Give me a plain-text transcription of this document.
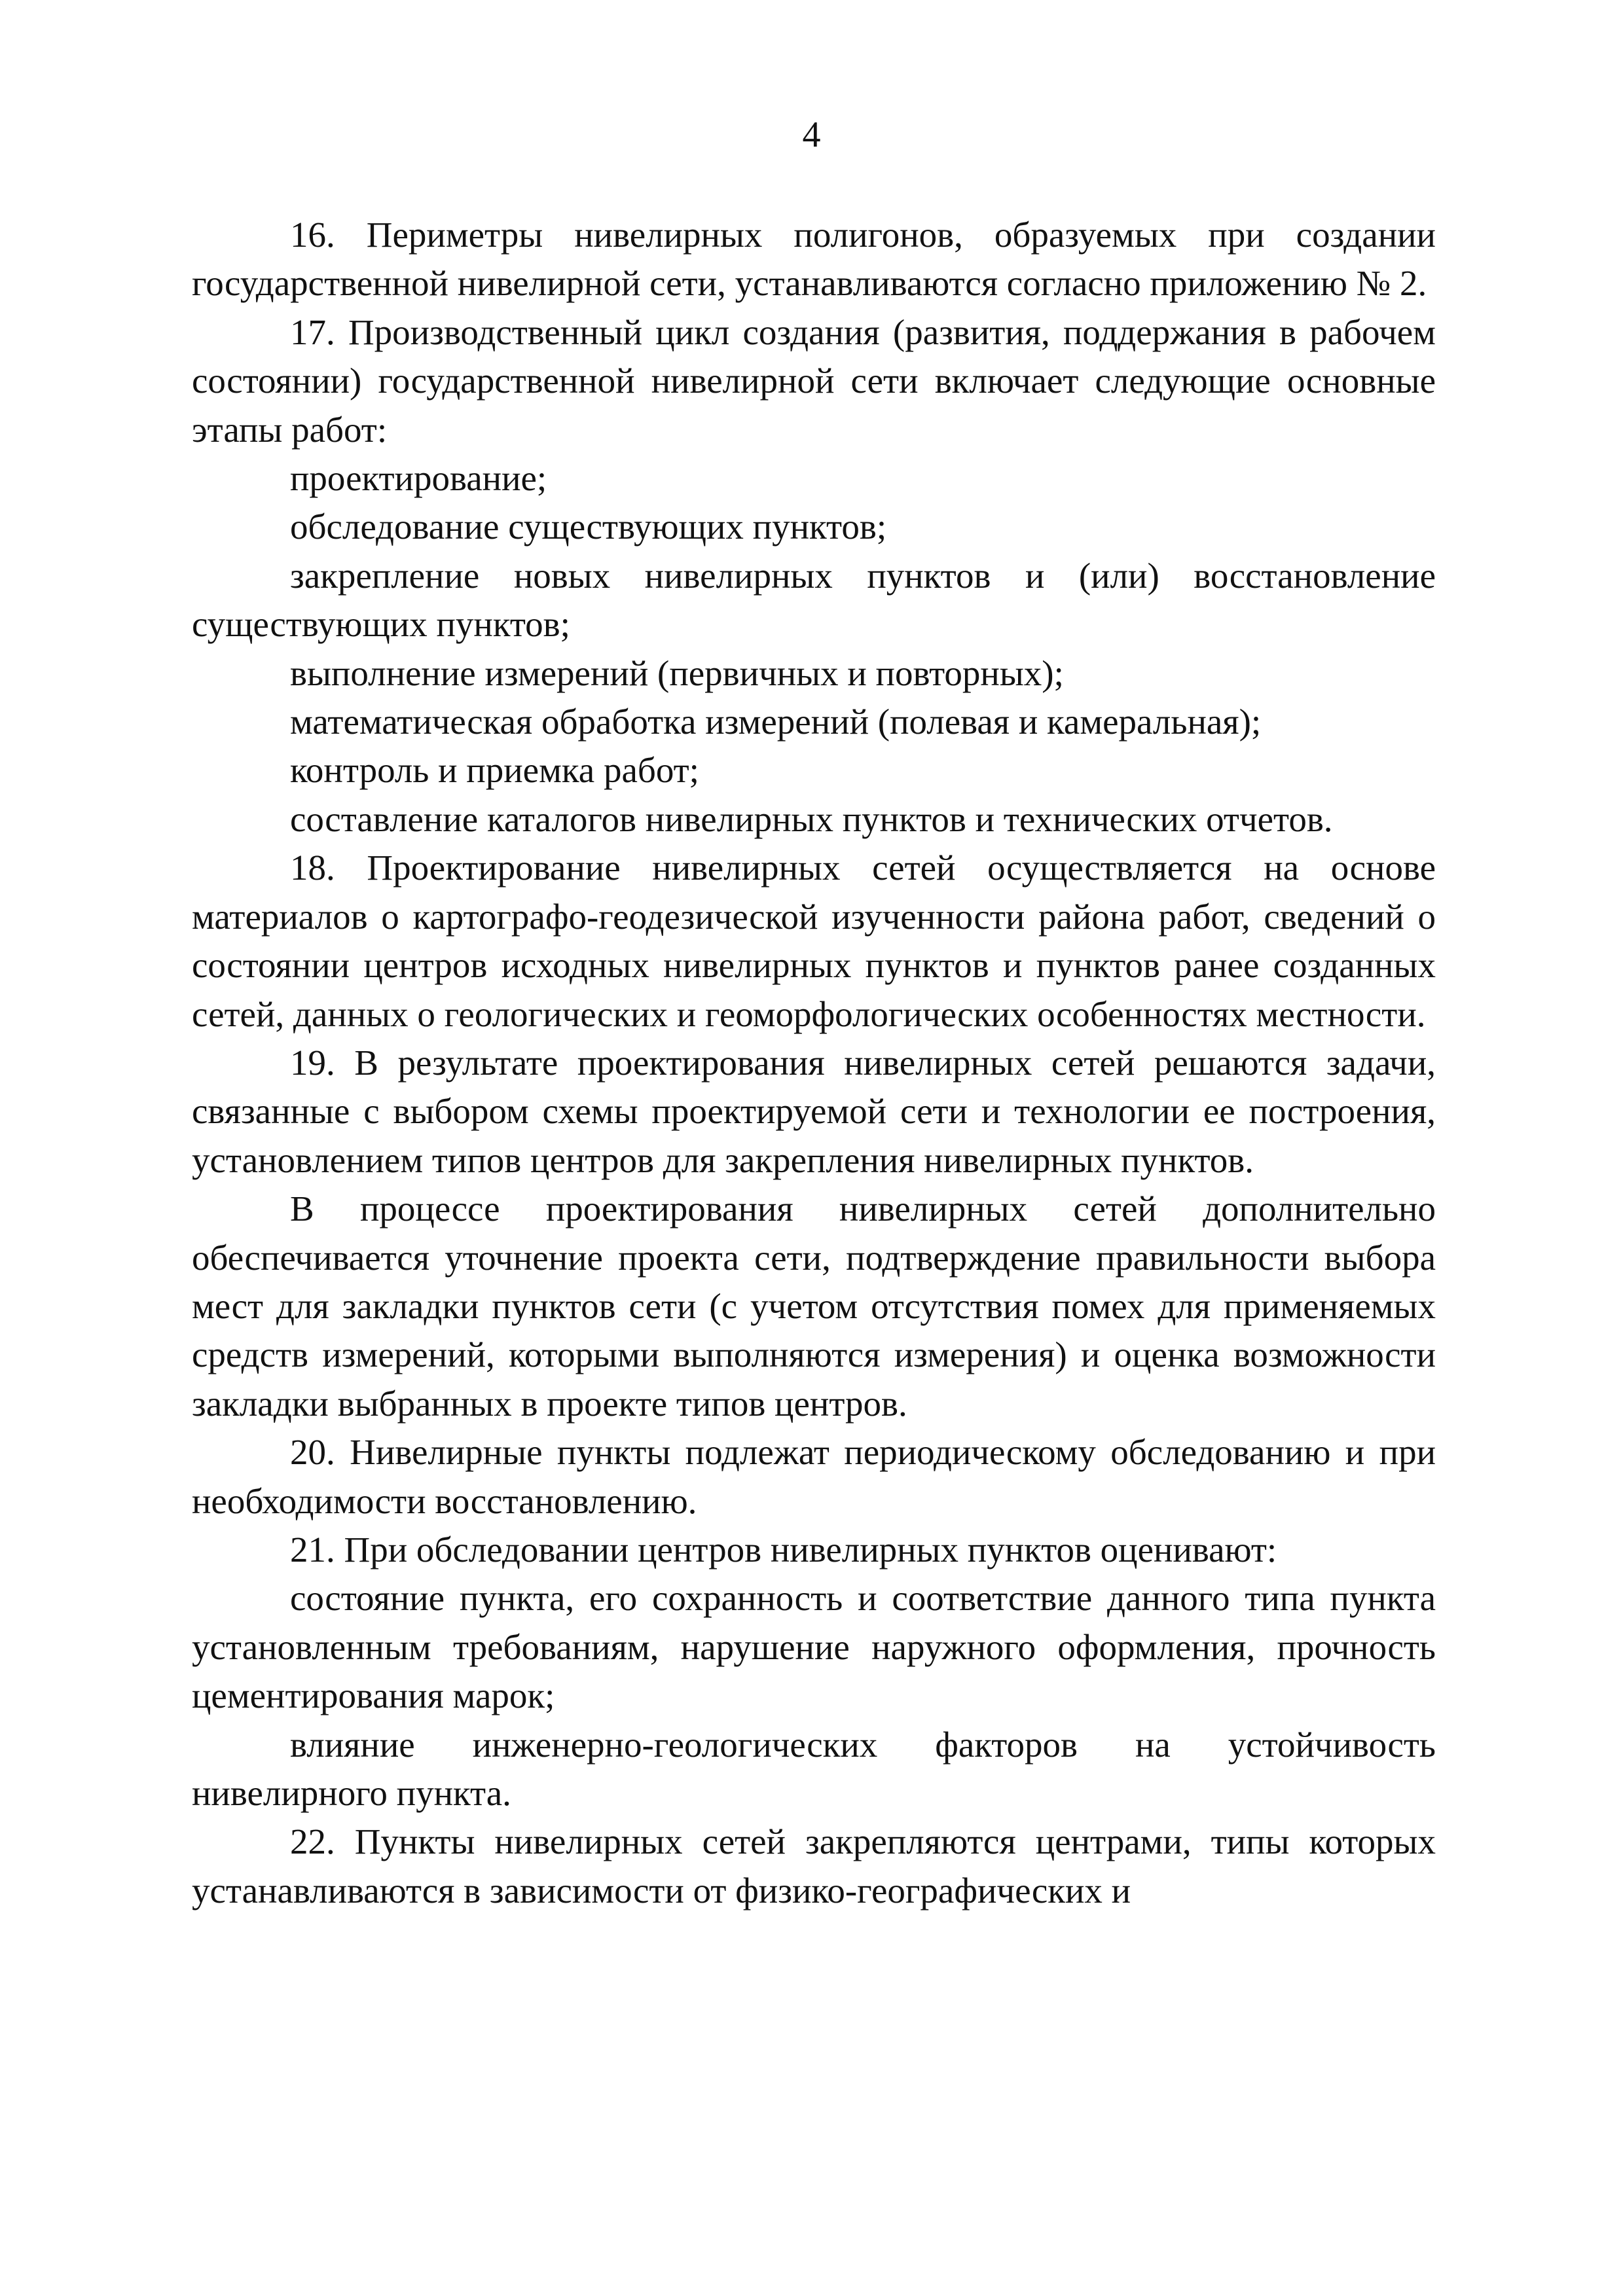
4

16. Периметры нивелирных полигонов, образуемых при создании государственной нивелирной сети, устанавливаются согласно приложению № 2.

17. Производственный цикл создания (развития, поддержания в рабочем состоянии) государственной нивелирной сети включает следующие основные этапы работ:

проектирование;

обследование существующих пунктов;

закрепление новых нивелирных пунктов и (или) восстановление существующих пунктов;

выполнение измерений (первичных и повторных);

математическая обработка измерений (полевая и камеральная);

контроль и приемка работ;

составление каталогов нивелирных пунктов и технических отчетов.

18. Проектирование нивелирных сетей осуществляется на основе материалов о картографо-геодезической изученности района работ, сведений о состоянии центров исходных нивелирных пунктов и пунктов ранее созданных сетей, данных о геологических и геоморфологических особенностях местности.

19. В результате проектирования нивелирных сетей решаются задачи, связанные с выбором схемы проектируемой сети и технологии ее построения, установлением типов центров для закрепления нивелирных пунктов.

В процессе проектирования нивелирных сетей дополнительно обеспечивается уточнение проекта сети, подтверждение правильности выбора мест для закладки пунктов сети (с учетом отсутствия помех для применяемых средств измерений, которыми выполняются измерения) и оценка возможности закладки выбранных в проекте типов центров.

20. Нивелирные пункты подлежат периодическому обследованию и при необходимости восстановлению.

21. При обследовании центров нивелирных пунктов оценивают:

состояние пункта, его сохранность и соответствие данного типа пункта установленным требованиям, нарушение наружного оформления, прочность цементирования марок;

влияние инженерно-геологических факторов на устойчивость нивелирного пункта.

22. Пункты нивелирных сетей закрепляются центрами, типы которых устанавливаются в зависимости от физико-географических и
